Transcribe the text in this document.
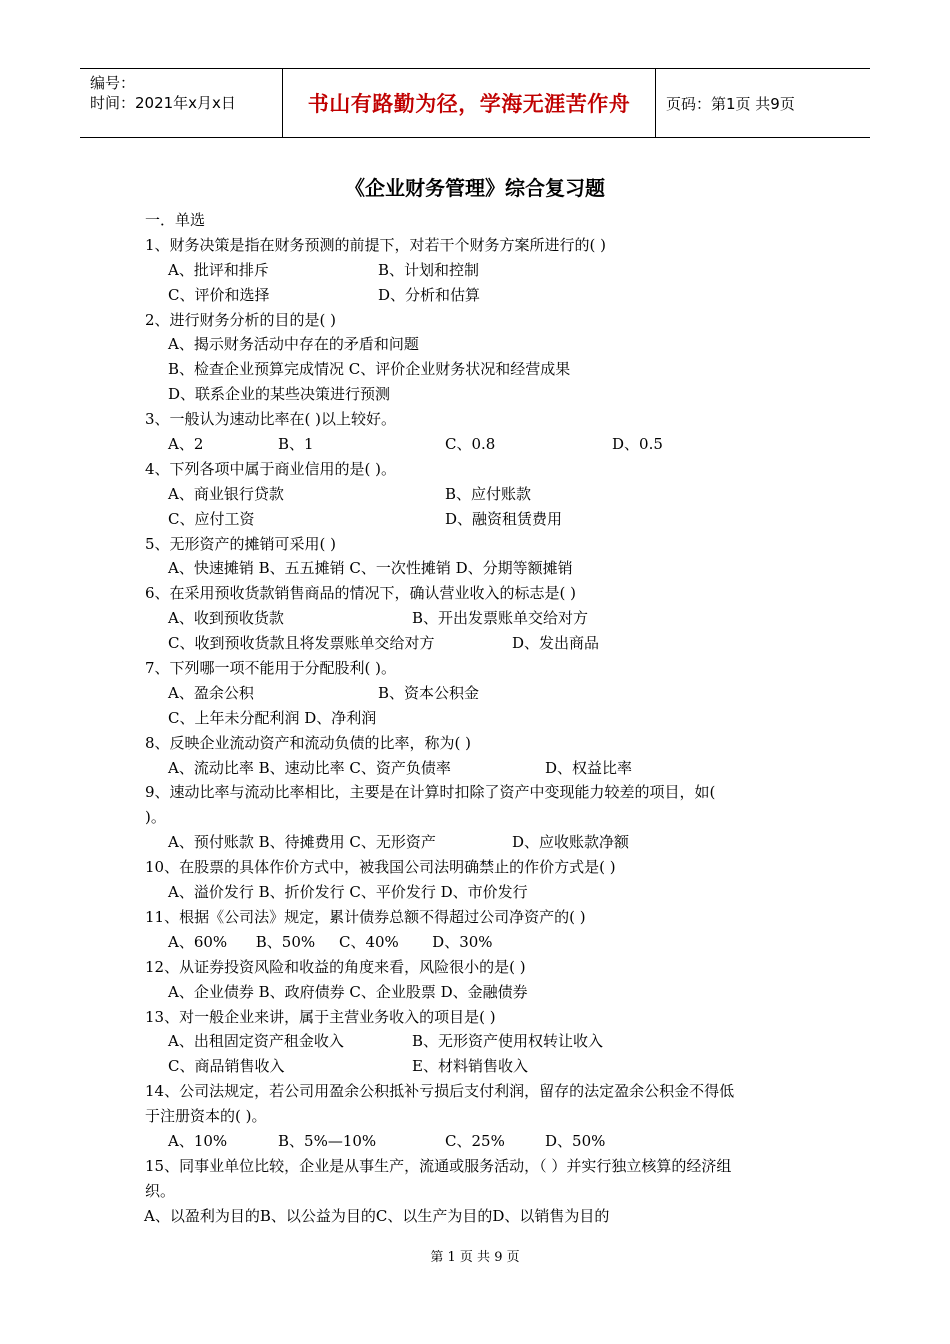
编号：
时间：2021年x月x日	书山有路勤为径，学海无涯苦作舟	页码：第1页 共9页
《企业财务管理》综合复习题
一．单选
1、财务决策是指在财务预测的前提下，对若干个财务方案所进行的( )
A、批评和排斥	B、计划和控制
C、评价和选择	D、分析和估算
2、进行财务分析的目的是( )
A、揭示财务活动中存在的矛盾和问题
B、检查企业预算完成情况 C、评价企业财务状况和经营成果
D、联系企业的某些决策进行预测
3、一般认为速动比率在( )以上较好。
A、2	B、1	C、0.8	D、0.5
4、下列各项中属于商业信用的是( )。
A、商业银行贷款	B、应付账款
C、应付工资	D、融资租赁费用
5、无形资产的摊销可采用( )
A、快速摊销 B、五五摊销 C、一次性摊销 D、分期等额摊销
6、在采用预收货款销售商品的情况下，确认营业收入的标志是( )
A、收到预收货款	B、开出发票账单交给对方
C、收到预收货款且将发票账单交给对方	D、发出商品
7、下列哪一项不能用于分配股利( )。
A、盈余公积	B、资本公积金
C、上年未分配利润 D、净利润
8、反映企业流动资产和流动负债的比率，称为( )
A、流动比率 B、速动比率 C、资产负债率	D、权益比率
9、速动比率与流动比率相比，主要是在计算时扣除了资产中变现能力较差的项目，如(
)。
A、预付账款 B、待摊费用 C、无形资产	D、应收账款净额
10、在股票的具体作价方式中，被我国公司法明确禁止的作价方式是( )
A、溢价发行 B、折价发行 C、平价发行 D、市价发行
11、根据《公司法》规定，累计债券总额不得超过公司净资产的( )
A、60%      B、50%     C、40%       D、30%
12、从证券投资风险和收益的角度来看，风险很小的是( )
A、企业债券 B、政府债券 C、企业股票 D、金融债券
13、对一般企业来讲，属于主营业务收入的项目是( )
A、出租固定资产租金收入	B、无形资产使用权转让收入
C、商品销售收入	E、材料销售收入
14、公司法规定，若公司用盈余公积抵补亏损后支付利润，留存的法定盈余公积金不得低
于注册资本的( )。
A、10%	B、5%—10%	C、25%	D、50%
15、同事业单位比较，企业是从事生产，流通或服务活动，（ ）并实行独立核算的经济组
织。
A、以盈利为目的B、以公益为目的C、以生产为目的D、以销售为目的
第 1 页 共 9 页
